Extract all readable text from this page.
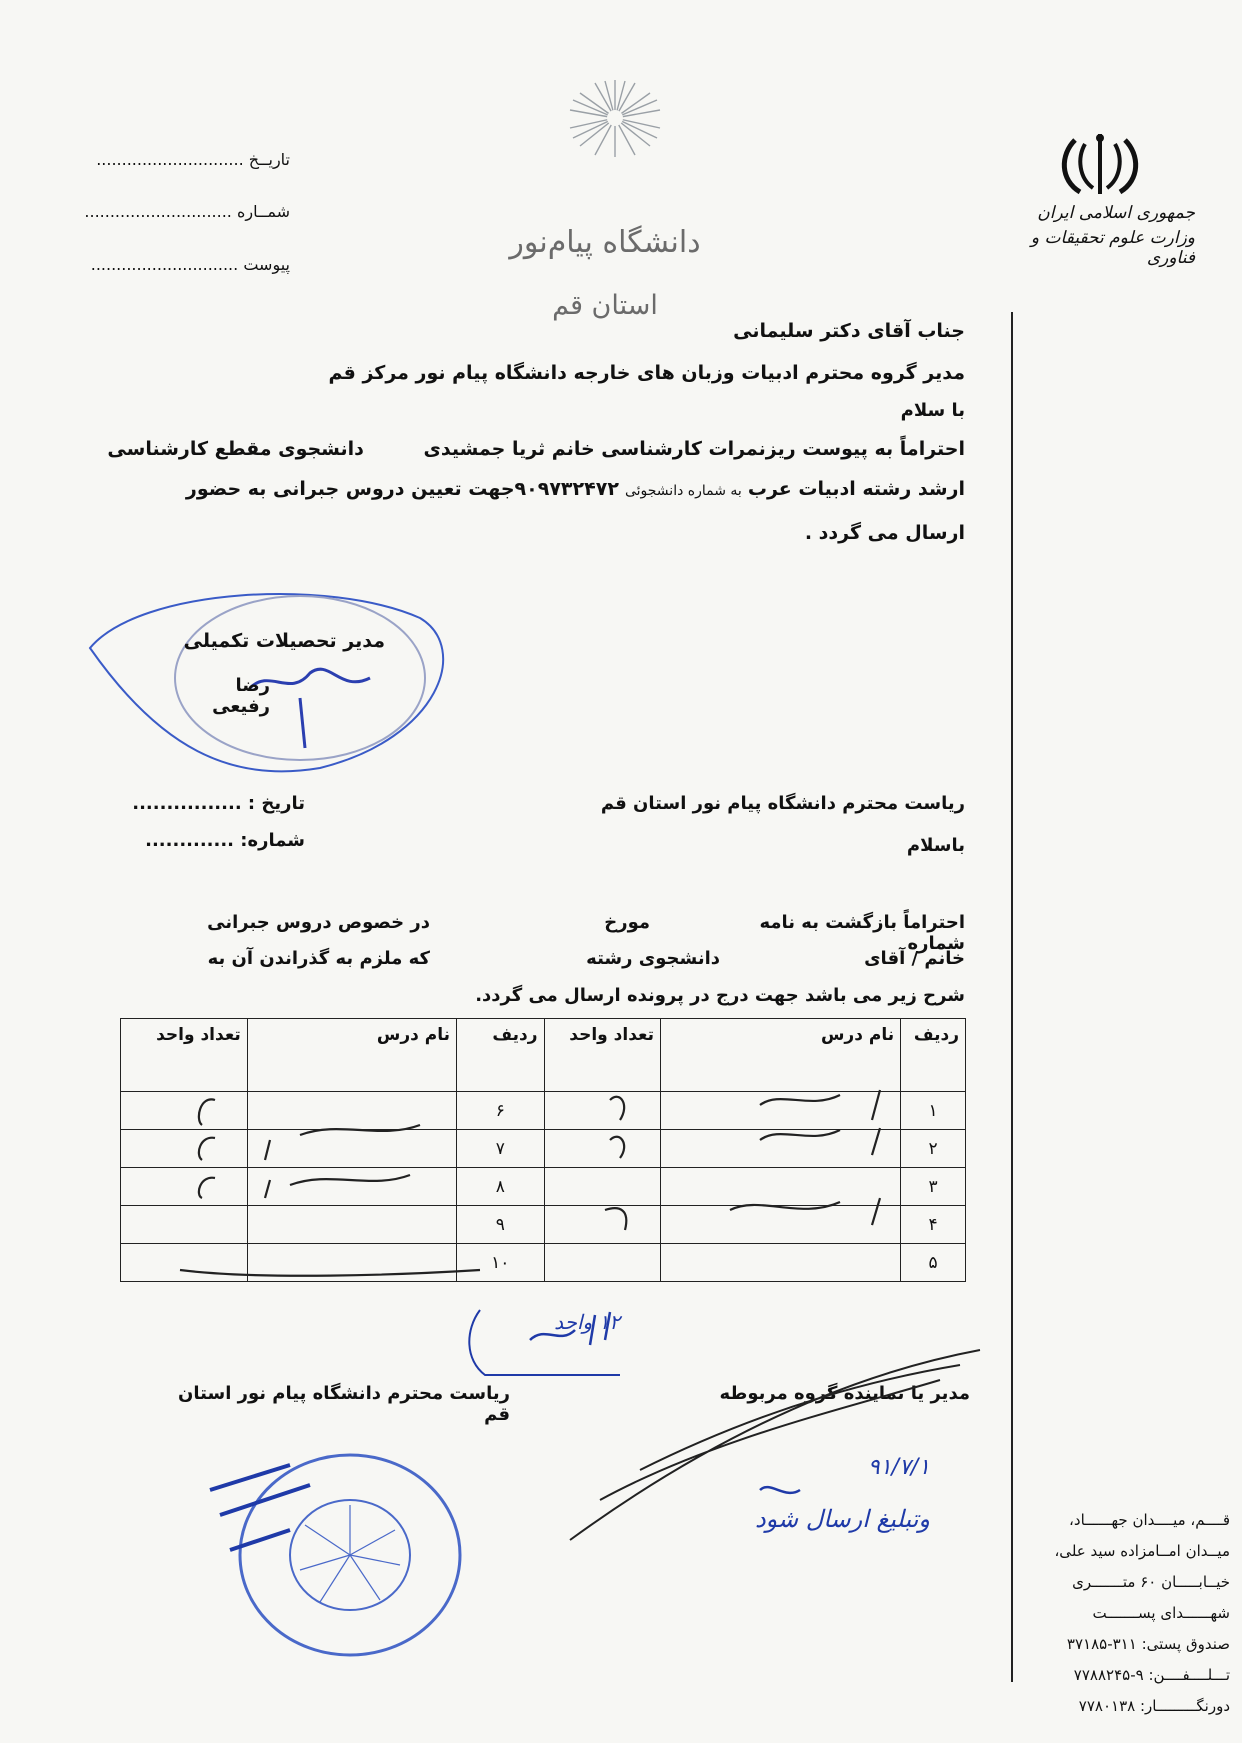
جمهوری اسلامی ایران
وزارت علوم تحقیقات و فناوری
دانشگاه پیام‌نور
استان قم
تاریــخ .............................
شمــاره .............................
پیوست .............................
جناب آقای دکتر سلیمانی
مدیر گروه محترم ادبیات وزبان های خارجه دانشگاه پیام نور مرکز قم
با سلام
احتراماً به پیوست ریزنمرات کارشناسی خانم ثریا جمشیدی         دانشجوی مقطع کارشناسی
ارشد رشته ادبیات عرب به شماره دانشجوئی ۹۰۹۷۳۲۴۷۲جهت تعیین دروس جبرانی به حضور
ارسال می گردد .
مدیر تحصیلات تکمیلی
رضا رفیعی
ریاست محترم دانشگاه پیام نور استان قم
تاریخ : ................
شماره: .............	باسلام
احتراماً بازگشت به نامه شماره
مورخ
در خصوص دروس جبرانی
خانم / آقای
دانشجوی رشته
که ملزم به گذراندن آن به
شرح زیر می باشد جهت درج در پرونده ارسال می گردد.
ردیف	نام درس	تعداد واحد	ردیف	نام درس	تعداد واحد
۱			۶		
۲			۷		
۳			۸		
۴			۹		
۵			۱۰		
۱۲ واحد
مدیر یا نماینده گروه مربوطه
ریاست محترم دانشگاه پیام نور استان قم
۹۱/۷/۱
وتبلیغ ارسال شود	قــــم، میــــدان جهــــــاد،
میــدان امــامزاده سید علی،
خیــابـــــان ۶۰ متـــــــری
شهــــــدای پســـــــت
صندوق پستی: ۳۱۱-۳۷۱۸۵
تـــلــــفــــن: ۹-۷۷۸۸۲۴۵
دورنگـــــــــار: ۷۷۸۰۱۳۸
